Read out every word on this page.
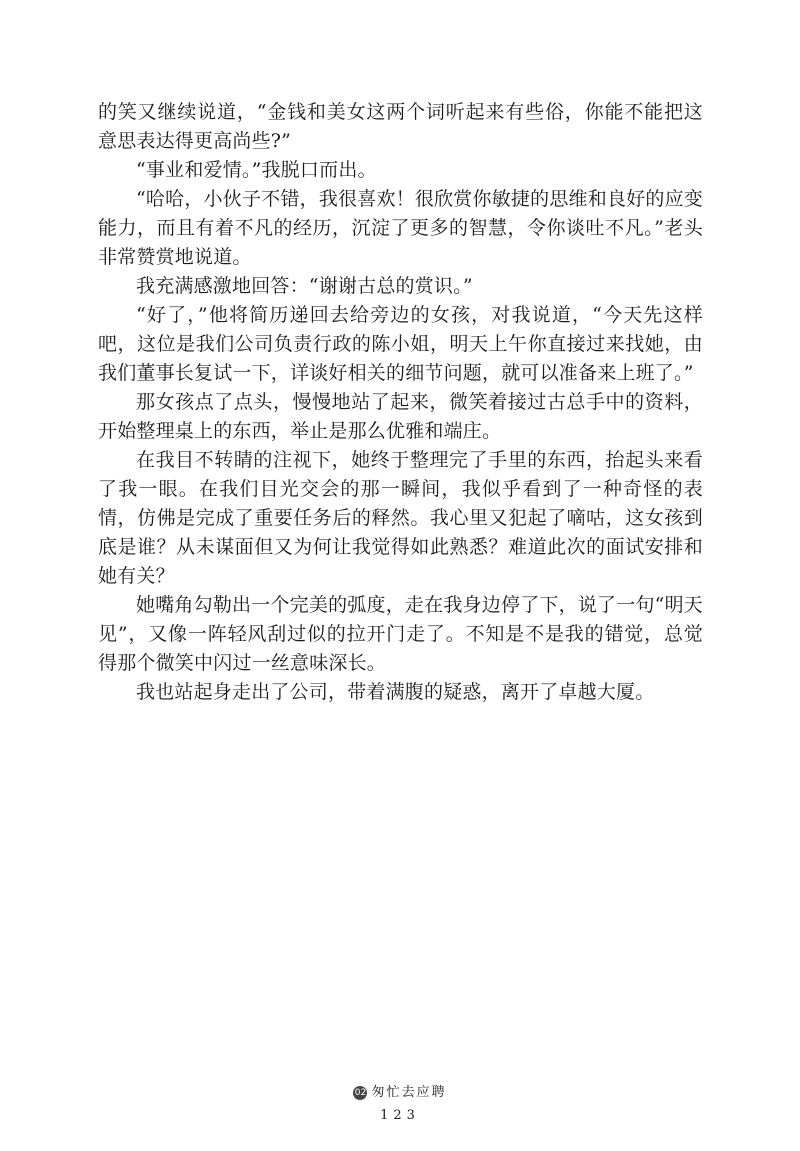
的笑又继续说道，“金钱和美女这两个词听起来有些俗，你能不能把这意思表达得更高尚些?”

“事业和爱情。”我脱口而出。

“哈哈，小伙子不错，我很喜欢！很欣赏你敏捷的思维和良好的应变能力，而且有着不凡的经历，沉淀了更多的智慧，令你谈吐不凡。”老头非常赞赏地说道。

我充满感激地回答：“谢谢古总的赏识。”

“好了，”他将简历递回去给旁边的女孩，对我说道，“今天先这样吧，这位是我们公司负责行政的陈小姐，明天上午你直接过来找她，由我们董事长复试一下，详谈好相关的细节问题，就可以准备来上班了。”

那女孩点了点头，慢慢地站了起来，微笑着接过古总手中的资料，开始整理桌上的东西，举止是那么优雅和端庄。

在我目不转睛的注视下，她终于整理完了手里的东西，抬起头来看了我一眼。在我们目光交会的那一瞬间，我似乎看到了一种奇怪的表情，仿佛是完成了重要任务后的释然。我心里又犯起了嘀咕，这女孩到底是谁？从未谋面但又为何让我觉得如此熟悉？难道此次的面试安排和她有关？

她嘴角勾勒出一个完美的弧度，走在我身边停了下，说了一句“明天见”，又像一阵轻风刮过似的拉开门走了。不知是不是我的错觉，总觉得那个微笑中闪过一丝意味深长。

我也站起身走出了公司，带着满腹的疑惑，离开了卓越大厦。

02 匆忙去应聘
123
